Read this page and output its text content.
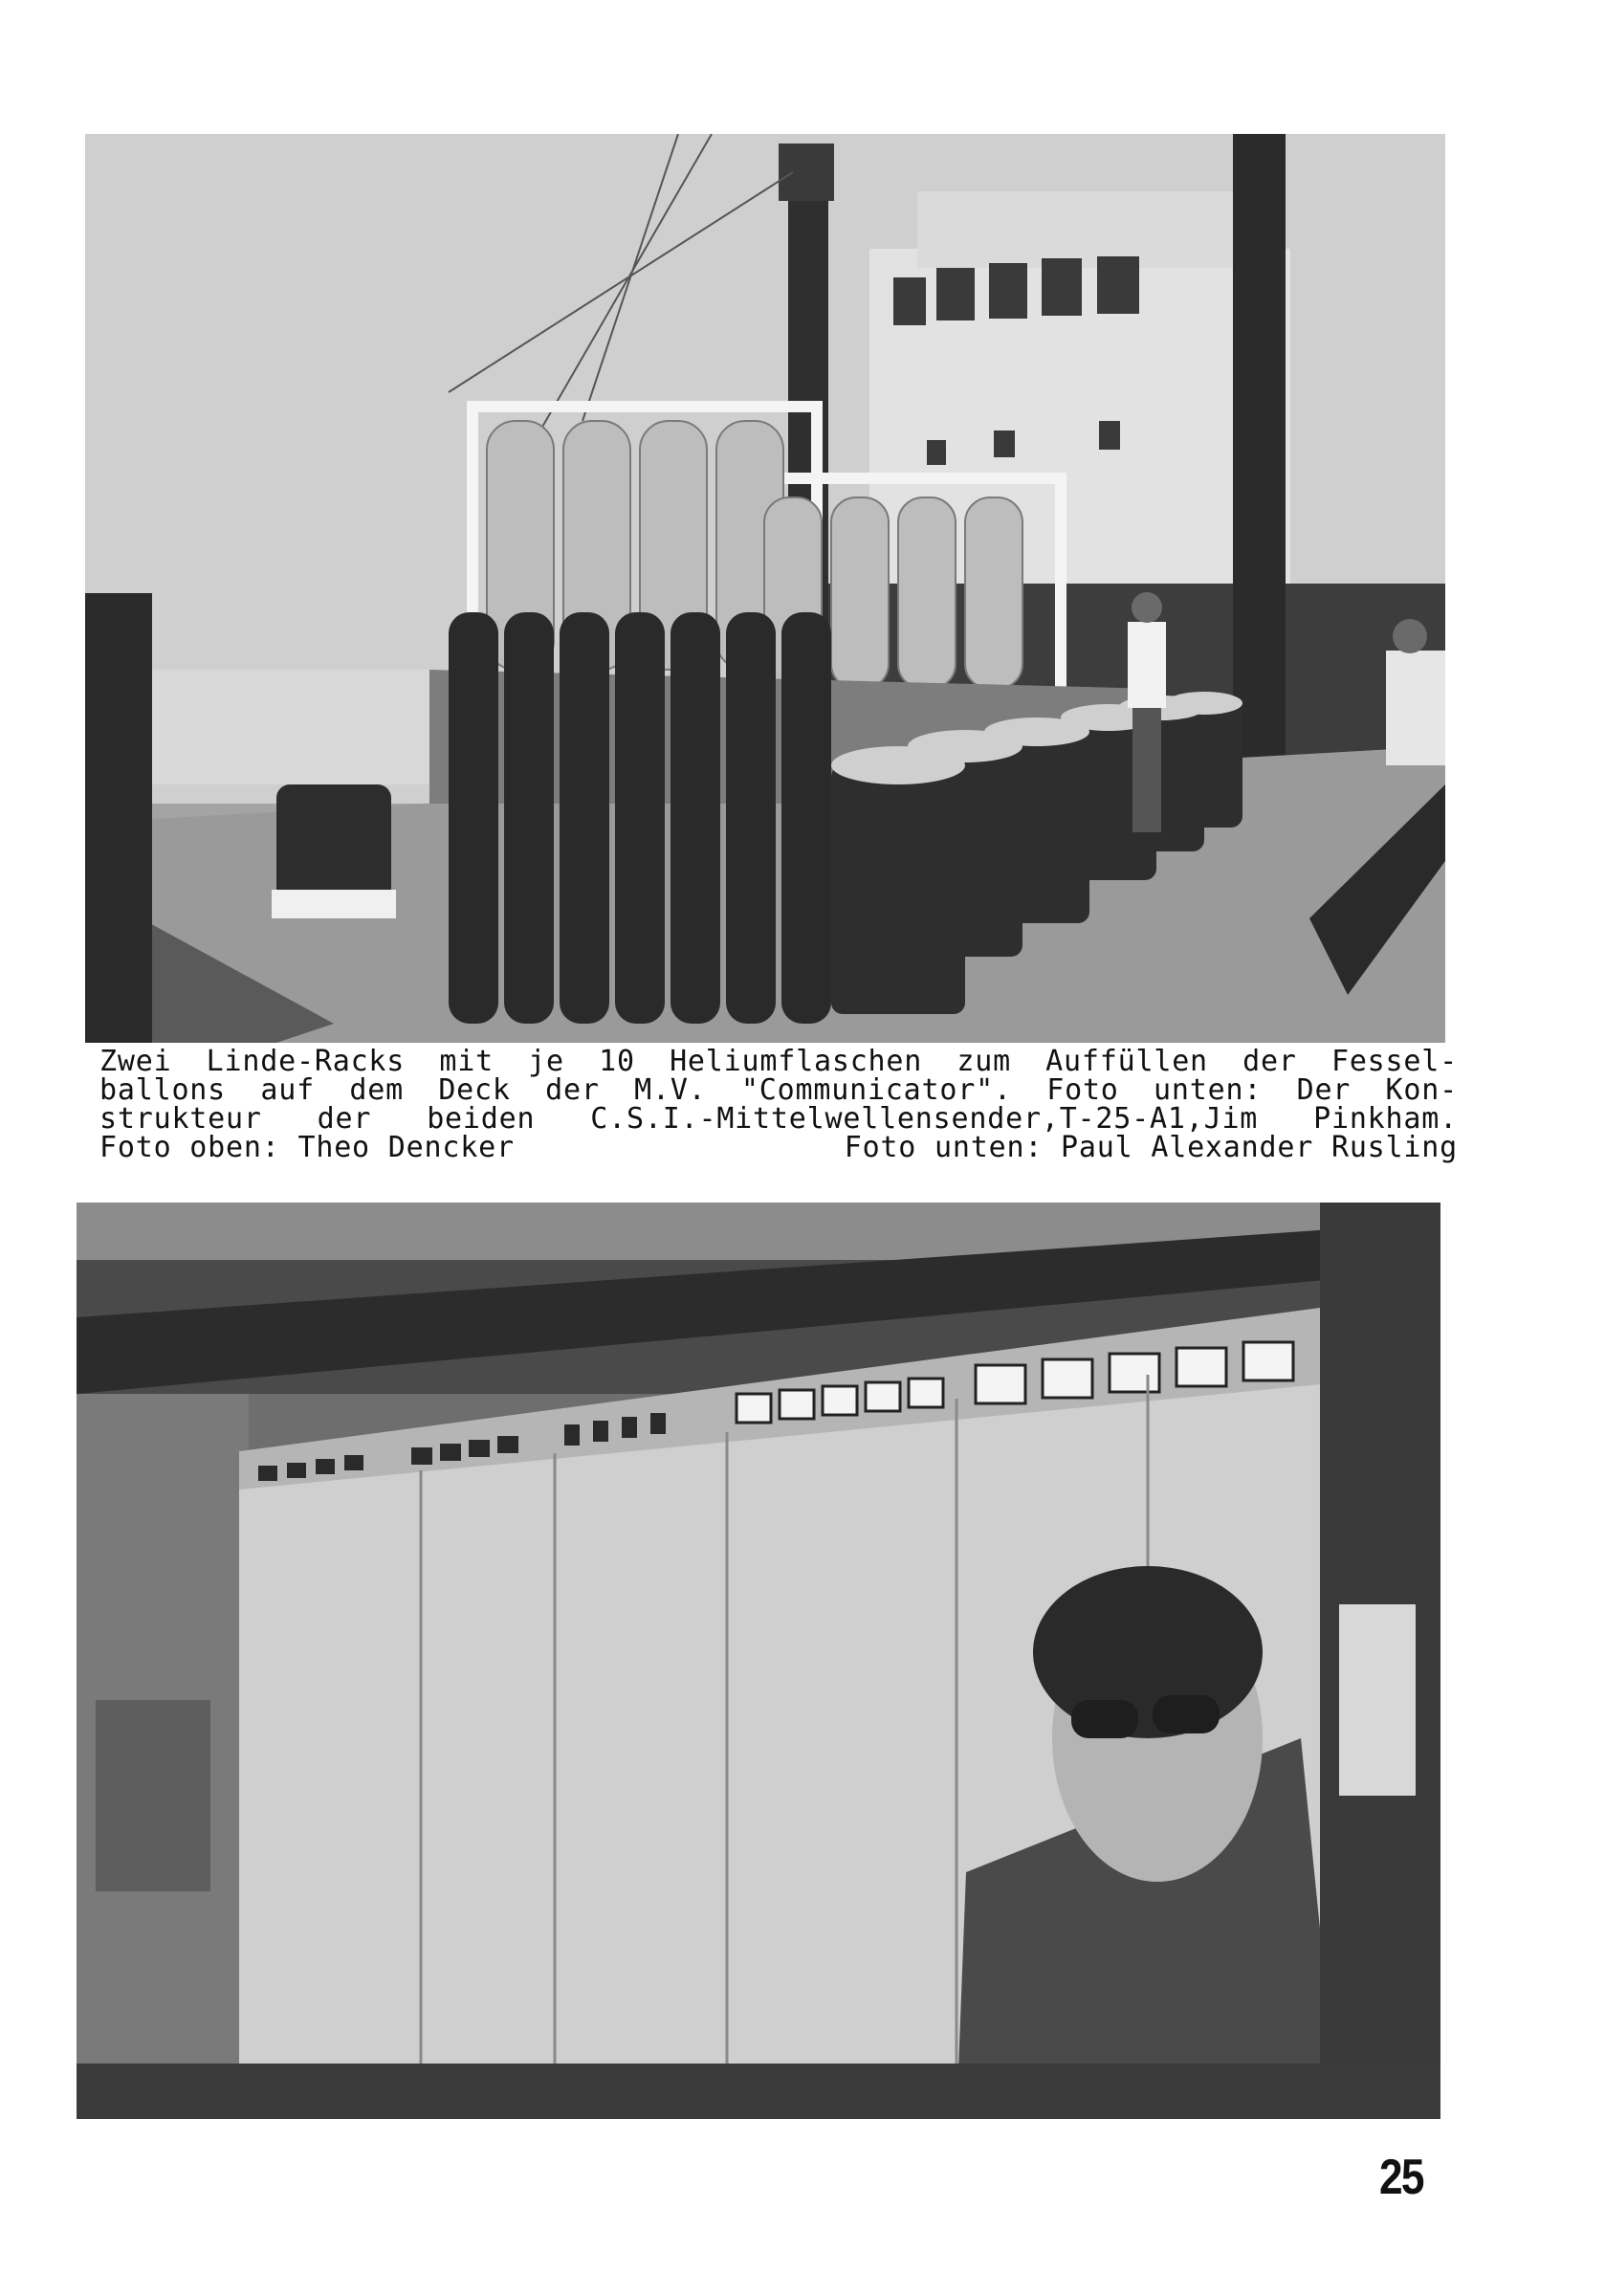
Zwei Linde-Racks mit je 10 Heliumflaschen zum Auffüllen der Fessel-
ballons auf dem Deck der M.V. "Communicator". Foto unten: Der Kon-
strukteur der beiden C.S.I.-Mittelwellensender,T-25-A1,Jim Pinkham.
Foto oben: Theo Dencker	Foto unten: Paul Alexander Rusling
25
